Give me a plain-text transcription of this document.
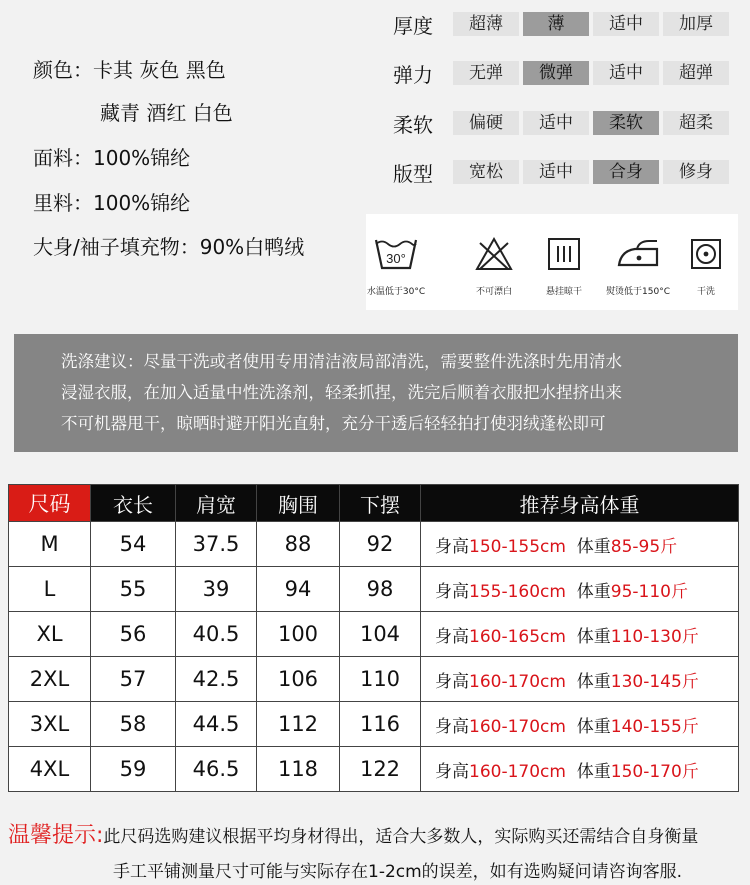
颜色：卡其 灰色 黑色
藏青 酒红 白色
面料：100%锦纶
里料：100%锦纶
大身/袖子填充物：90%白鸭绒
厚度	超薄	薄	适中	加厚
弹力	无弹	微弹	适中	超弹
柔软	偏硬	适中	柔软	超柔
版型	宽松	适中	合身	修身
30°
水温低于30°C	不可漂白	悬挂晾干	熨烫低于150°C	干洗
洗涤建议：尽量干洗或者使用专用清洁液局部清洗，需要整件洗涤时先用清水
浸湿衣服，在加入适量中性洗涤剂，轻柔抓捏，洗完后顺着衣服把水捏挤出来
不可机器甩干，晾晒时避开阳光直射，充分干透后轻轻拍打使羽绒蓬松即可
尺码	衣长	肩宽	胸围	下摆	推荐身高体重
M	54	37.5	88	92	身高150-155cm 体重85-95斤
L	55	39	94	98	身高155-160cm 体重95-110斤
XL	56	40.5	100	104	身高160-165cm 体重110-130斤
2XL	57	42.5	106	110	身高160-170cm 体重130-145斤
3XL	58	44.5	112	116	身高160-170cm 体重140-155斤
4XL	59	46.5	118	122	身高160-170cm 体重150-170斤
温馨提示:此尺码选购建议根据平均身材得出，适合大多数人，实际购买还需结合自身衡量
手工平铺测量尺寸可能与实际存在1-2cm的误差，如有选购疑问请咨询客服.
